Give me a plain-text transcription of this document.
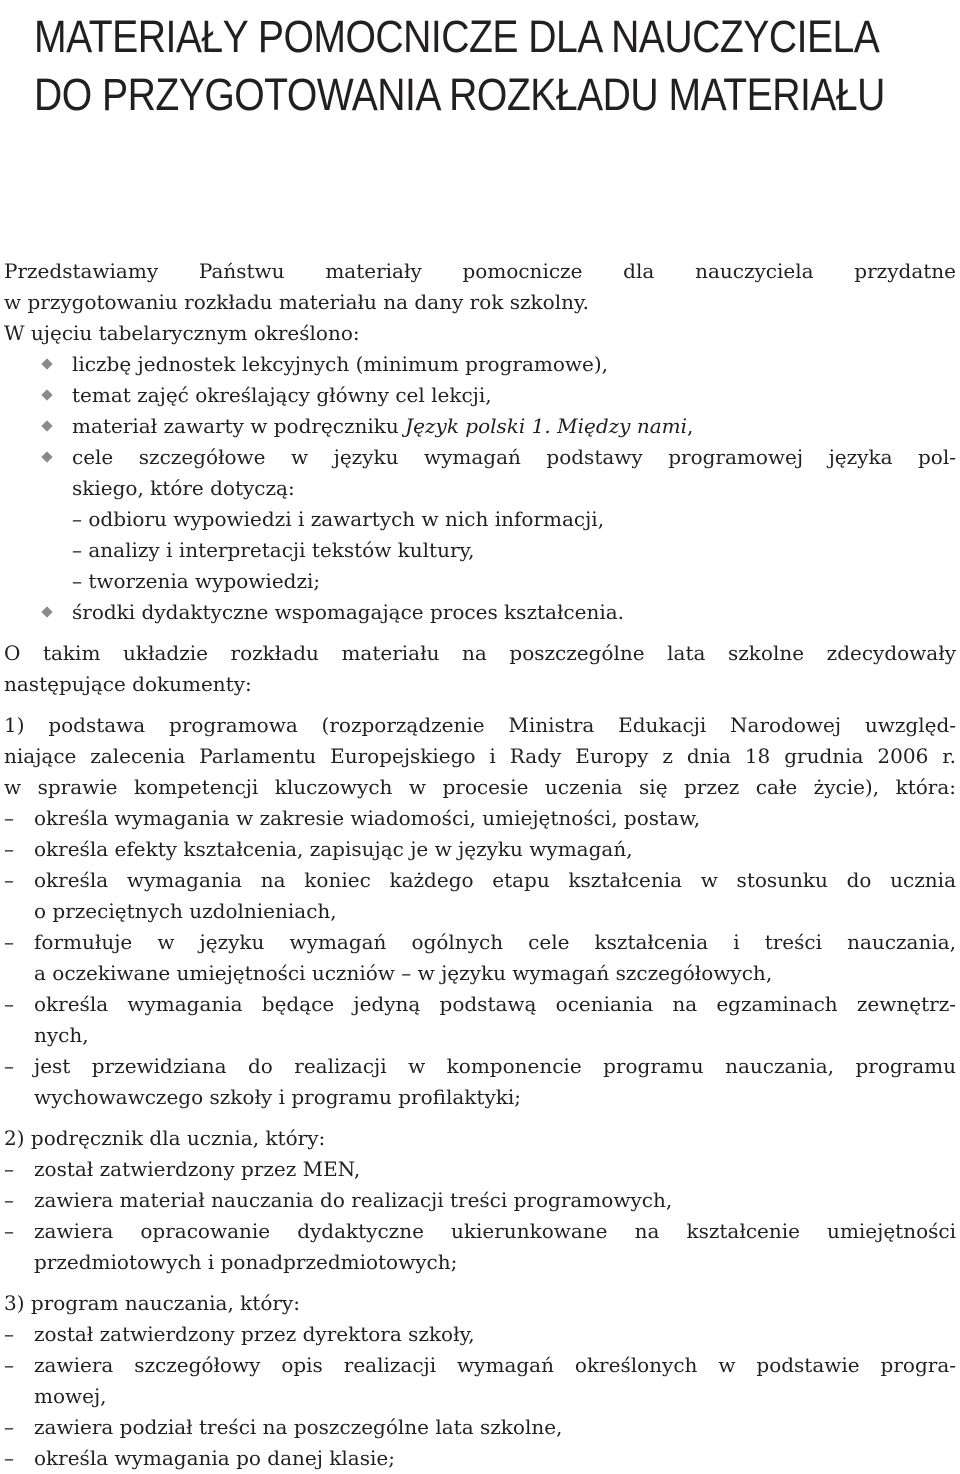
MATERIAŁY POMOCNICZE DLA NAUCZYCIELA
DO PRZYGOTOWANIA ROZKŁADU MATERIAŁU
Przedstawiamy Państwu materiały pomocnicze dla nauczyciela przydatne
w przygotowaniu rozkładu materiału na dany rok szkolny.
W ujęciu tabelarycznym określono:
liczbę jednostek lekcyjnych (minimum programowe),
temat zajęć określający główny cel lekcji,
materiał zawarty w podręczniku Język polski 1. Między nami,
cele szczegółowe w języku wymagań podstawy programowej języka pol-
skiego, które dotyczą:
– odbioru wypowiedzi i zawartych w nich informacji,
– analizy i interpretacji tekstów kultury,
– tworzenia wypowiedzi;
środki dydaktyczne wspomagające proces kształcenia.
O takim układzie rozkładu materiału na poszczególne lata szkolne zdecydowały
następujące dokumenty:
1) podstawa programowa (rozporządzenie Ministra Edukacji Narodowej uwzględ-
niające zalecenia Parlamentu Europejskiego i Rady Europy z dnia 18 grudnia 2006 r.
w sprawie kompetencji kluczowych w procesie uczenia się przez całe życie), która:
– określa wymagania w zakresie wiadomości, umiejętności, postaw,
– określa efekty kształcenia, zapisując je w języku wymagań,
– określa wymagania na koniec każdego etapu kształcenia w stosunku do ucznia
o przeciętnych uzdolnieniach,
– formułuje w języku wymagań ogólnych cele kształcenia i treści nauczania,
a oczekiwane umiejętności uczniów – w języku wymagań szczegółowych,
– określa wymagania będące jedyną podstawą oceniania na egzaminach zewnętrz-
nych,
– jest przewidziana do realizacji w komponencie programu nauczania, programu
wychowawczego szkoły i programu profilaktyki;
2) podręcznik dla ucznia, który:
– został zatwierdzony przez MEN,
– zawiera materiał nauczania do realizacji treści programowych,
– zawiera opracowanie dydaktyczne ukierunkowane na kształcenie umiejętności
przedmiotowych i ponadprzedmiotowych;
3) program nauczania, który:
– został zatwierdzony przez dyrektora szkoły,
– zawiera szczegółowy opis realizacji wymagań określonych w podstawie progra-
mowej,
– zawiera podział treści na poszczególne lata szkolne,
– określa wymagania po danej klasie;
